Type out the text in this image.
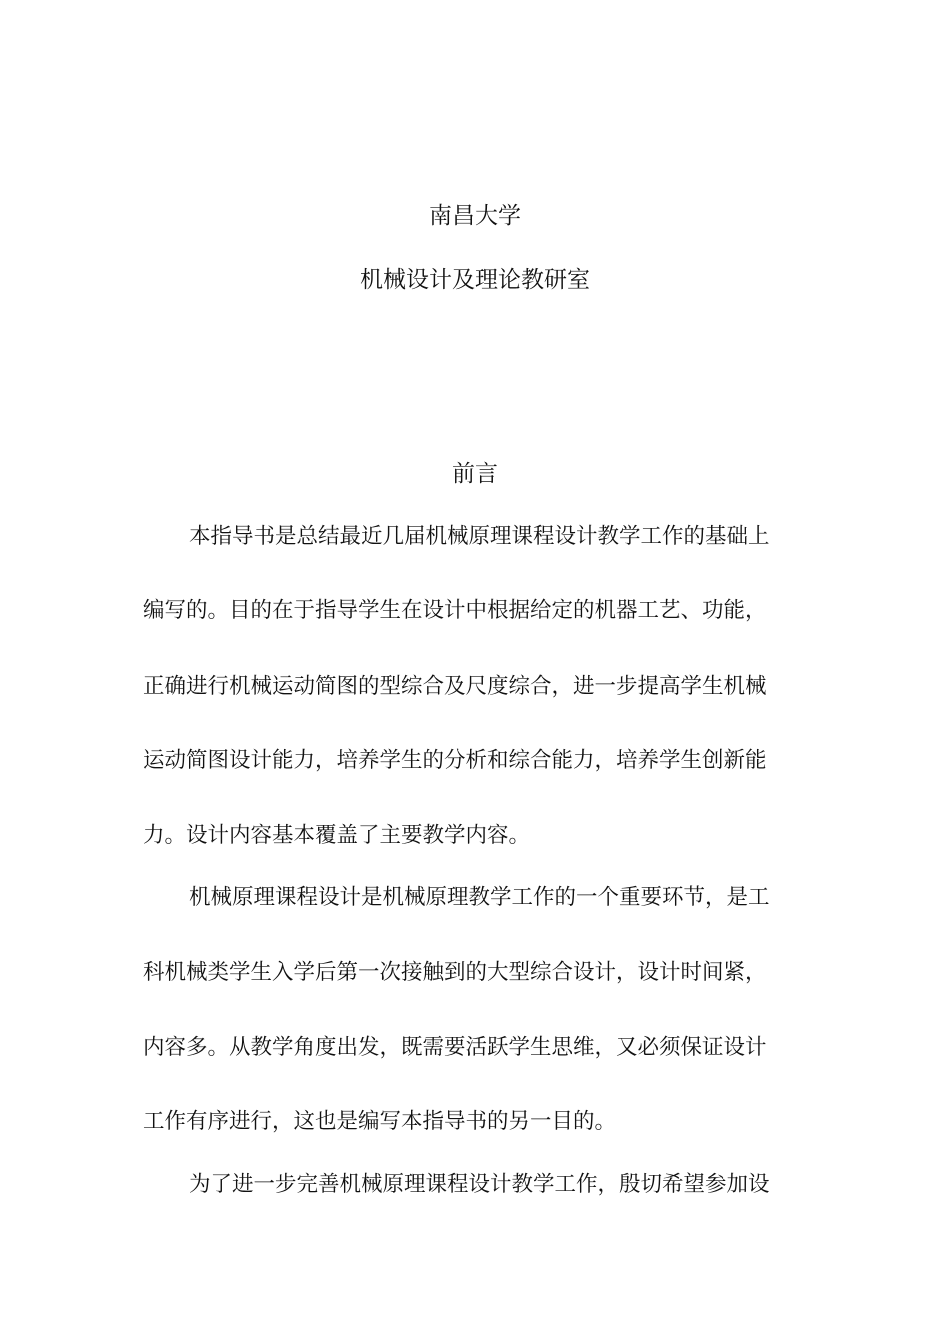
南昌大学
机械设计及理论教研室
前言
本指导书是总结最近几届机械原理课程设计教学工作的基础上
编写的。目的在于指导学生在设计中根据给定的机器工艺、功能，
正确进行机械运动简图的型综合及尺度综合，进一步提高学生机械
运动简图设计能力，培养学生的分析和综合能力，培养学生创新能
力。设计内容基本覆盖了主要教学内容。
机械原理课程设计是机械原理教学工作的一个重要环节，是工
科机械类学生入学后第一次接触到的大型综合设计，设计时间紧，
内容多。从教学角度出发，既需要活跃学生思维，又必须保证设计
工作有序进行，这也是编写本指导书的另一目的。
为了进一步完善机械原理课程设计教学工作，殷切希望参加设
